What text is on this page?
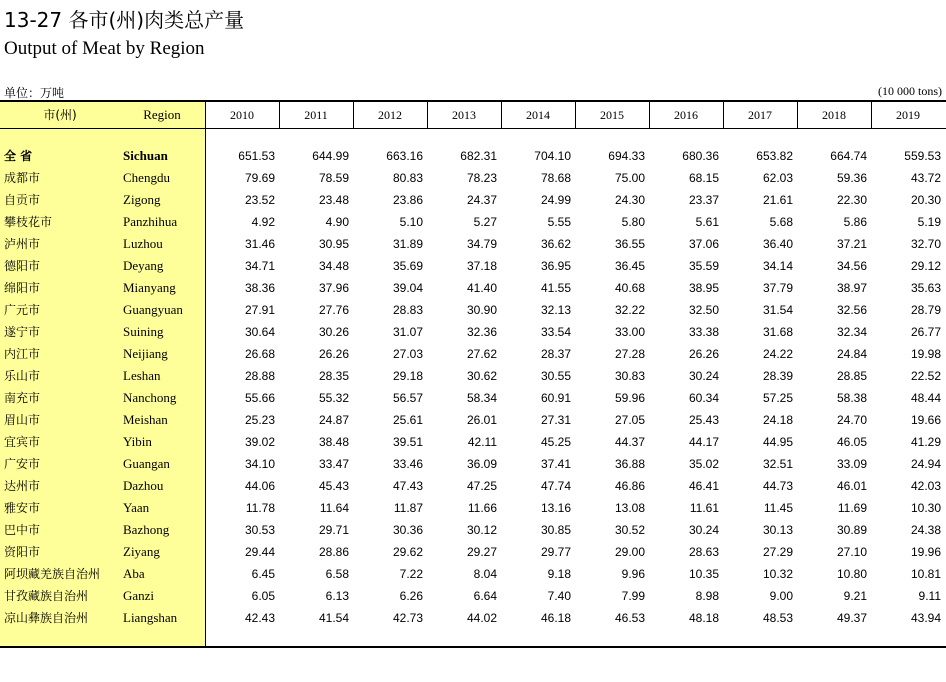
13-27 各市(州)肉类总产量
Output of Meat by Region
单位：万吨	(10 000 tons)
市(州)	Region	2010	2011	2012	2013	2014	2015	2016	2017	2018	2019
全 省	Sichuan	651.53	644.99	663.16	682.31	704.10	694.33	680.36	653.82	664.74	559.53
成都市	Chengdu	79.69	78.59	80.83	78.23	78.68	75.00	68.15	62.03	59.36	43.72
自贡市	Zigong	23.52	23.48	23.86	24.37	24.99	24.30	23.37	21.61	22.30	20.30
攀枝花市	Panzhihua	4.92	4.90	5.10	5.27	5.55	5.80	5.61	5.68	5.86	5.19
泸州市	Luzhou	31.46	30.95	31.89	34.79	36.62	36.55	37.06	36.40	37.21	32.70
德阳市	Deyang	34.71	34.48	35.69	37.18	36.95	36.45	35.59	34.14	34.56	29.12
绵阳市	Mianyang	38.36	37.96	39.04	41.40	41.55	40.68	38.95	37.79	38.97	35.63
广元市	Guangyuan	27.91	27.76	28.83	30.90	32.13	32.22	32.50	31.54	32.56	28.79
遂宁市	Suining	30.64	30.26	31.07	32.36	33.54	33.00	33.38	31.68	32.34	26.77
内江市	Neijiang	26.68	26.26	27.03	27.62	28.37	27.28	26.26	24.22	24.84	19.98
乐山市	Leshan	28.88	28.35	29.18	30.62	30.55	30.83	30.24	28.39	28.85	22.52
南充市	Nanchong	55.66	55.32	56.57	58.34	60.91	59.96	60.34	57.25	58.38	48.44
眉山市	Meishan	25.23	24.87	25.61	26.01	27.31	27.05	25.43	24.18	24.70	19.66
宜宾市	Yibin	39.02	38.48	39.51	42.11	45.25	44.37	44.17	44.95	46.05	41.29
广安市	Guangan	34.10	33.47	33.46	36.09	37.41	36.88	35.02	32.51	33.09	24.94
达州市	Dazhou	44.06	45.43	47.43	47.25	47.74	46.86	46.41	44.73	46.01	42.03
雅安市	Yaan	11.78	11.64	11.87	11.66	13.16	13.08	11.61	11.45	11.69	10.30
巴中市	Bazhong	30.53	29.71	30.36	30.12	30.85	30.52	30.24	30.13	30.89	24.38
资阳市	Ziyang	29.44	28.86	29.62	29.27	29.77	29.00	28.63	27.29	27.10	19.96
阿坝藏羌族自治州 Aba	6.45	6.58	7.22	8.04	9.18	9.96	10.35	10.32	10.80	10.81
甘孜藏族自治州	Ganzi	6.05	6.13	6.26	6.64	7.40	7.99	8.98	9.00	9.21	9.11
凉山彝族自治州	Liangshan	42.43	41.54	42.73	44.02	46.18	46.53	48.18	48.53	49.37	43.94
